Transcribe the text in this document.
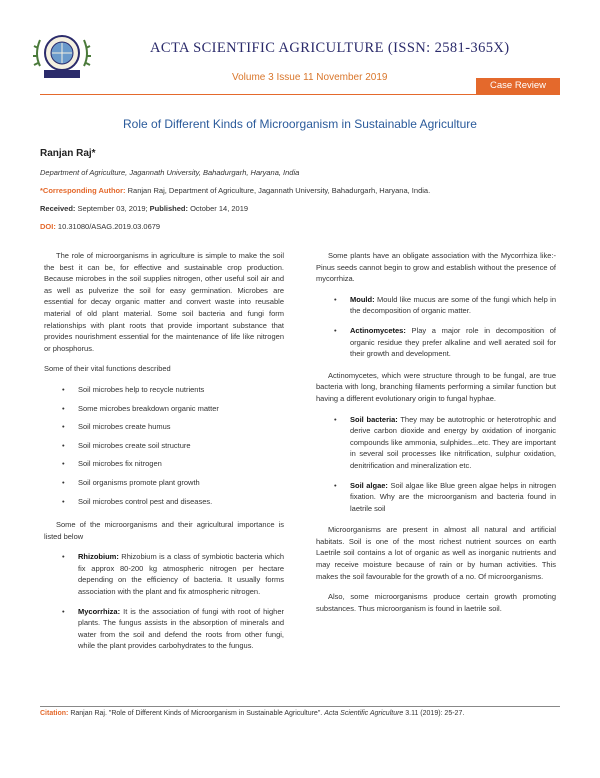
ACTA SCIENTIFIC AGRICULTURE (ISSN: 2581-365X)
Volume 3 Issue 11 November 2019
Case Review
Role of Different Kinds of Microorganism in Sustainable Agriculture
Ranjan Raj*

Department of Agriculture, Jagannath University, Bahadurgarh, Haryana, India

*Corresponding Author: Ranjan Raj, Department of Agriculture, Jagannath University, Bahadurgarh, Haryana, India.

Received: September 03, 2019; Published: October 14, 2019

DOI: 10.31080/ASAG.2019.03.0679

The role of microorganisms in agriculture is simple to make the soil the best it can be, for effective and sustainable crop production. Because microbes in the soil supplies nitrogen, other useful soil air and as well as pulverize the soil for easy germination. Microbes are essential for decay organic matter and convert waste into reusable material of old plant material. Some soil bacteria and fungi form relationships with plant roots that provide important substance that provides nourishment essential for the maintenance of life like nitrogen or phosphorus.

Some of their vital functions described

• Soil microbes help to recycle nutrients
• Some microbes breakdown organic matter
• Soil microbes create humus
• Soil microbes create soil structure
• Soil microbes fix nitrogen
• Soil organisms promote plant growth
• Soil microbes control pest and diseases.

Some of the microorganisms and their agricultural importance is listed below

• Rhizobium: Rhizobium is a class of symbiotic bacteria which fix approx 80-200 kg atmospheric nitrogen per hectare depending on the efficiency of bacteria. It usually forms association with the plant and fix atmospheric nitrogen.
• Mycorrhiza: It is the association of fungi with root of higher plants. The fungus assists in the absorption of minerals and water from the soil and defend the roots from other fungi, while the plant provides carbohydrates to the fungus.

Some plants have an obligate association with the Mycorrhiza like:- Pinus seeds cannot begin to grow and establish without the presence of mycorrhiza.

• Mould: Mould like mucus are some of the fungi which help in the decomposition of organic matter.
• Actinomycetes: Play a major role in decomposition of organic residue they prefer alkaline and well aerated soil for their growth and development.

Actinomycetes, which were structure through to be fungal, are true bacteria with long, branching filaments performing a similar function but having a different evolutionary origin to fungal hyphae.

• Soil bacteria: They may be autotrophic or heterotrophic and derive carbon dioxide and energy by oxidation of inorganic compounds like ammonia, sulphides...etc. They are important in several soil processes like nitrification, sulphur oxidation, denitrification and mineralization etc.
• Soil algae: Soil algae like Blue green algae helps in nitrogen fixation. Why are the microorganism and bacteria found in laetrile soil

Microorganisms are present in almost all natural and artificial habitats. Soil is one of the most richest nutrient sources on earth Laetrile soil contains a lot of organic as well as inorganic nutrients and may receive moisture because of rain or by human activities. This makes the soil favourable for the growth of a no. Of microorganisms.

Also, some microorganisms produce certain growth promoting substances. Thus microorganism is found in laetrile soil.

Citation: Ranjan Raj. "Role of Different Kinds of Microorganism in Sustainable Agriculture". Acta Scientific Agriculture 3.11 (2019): 25-27.
